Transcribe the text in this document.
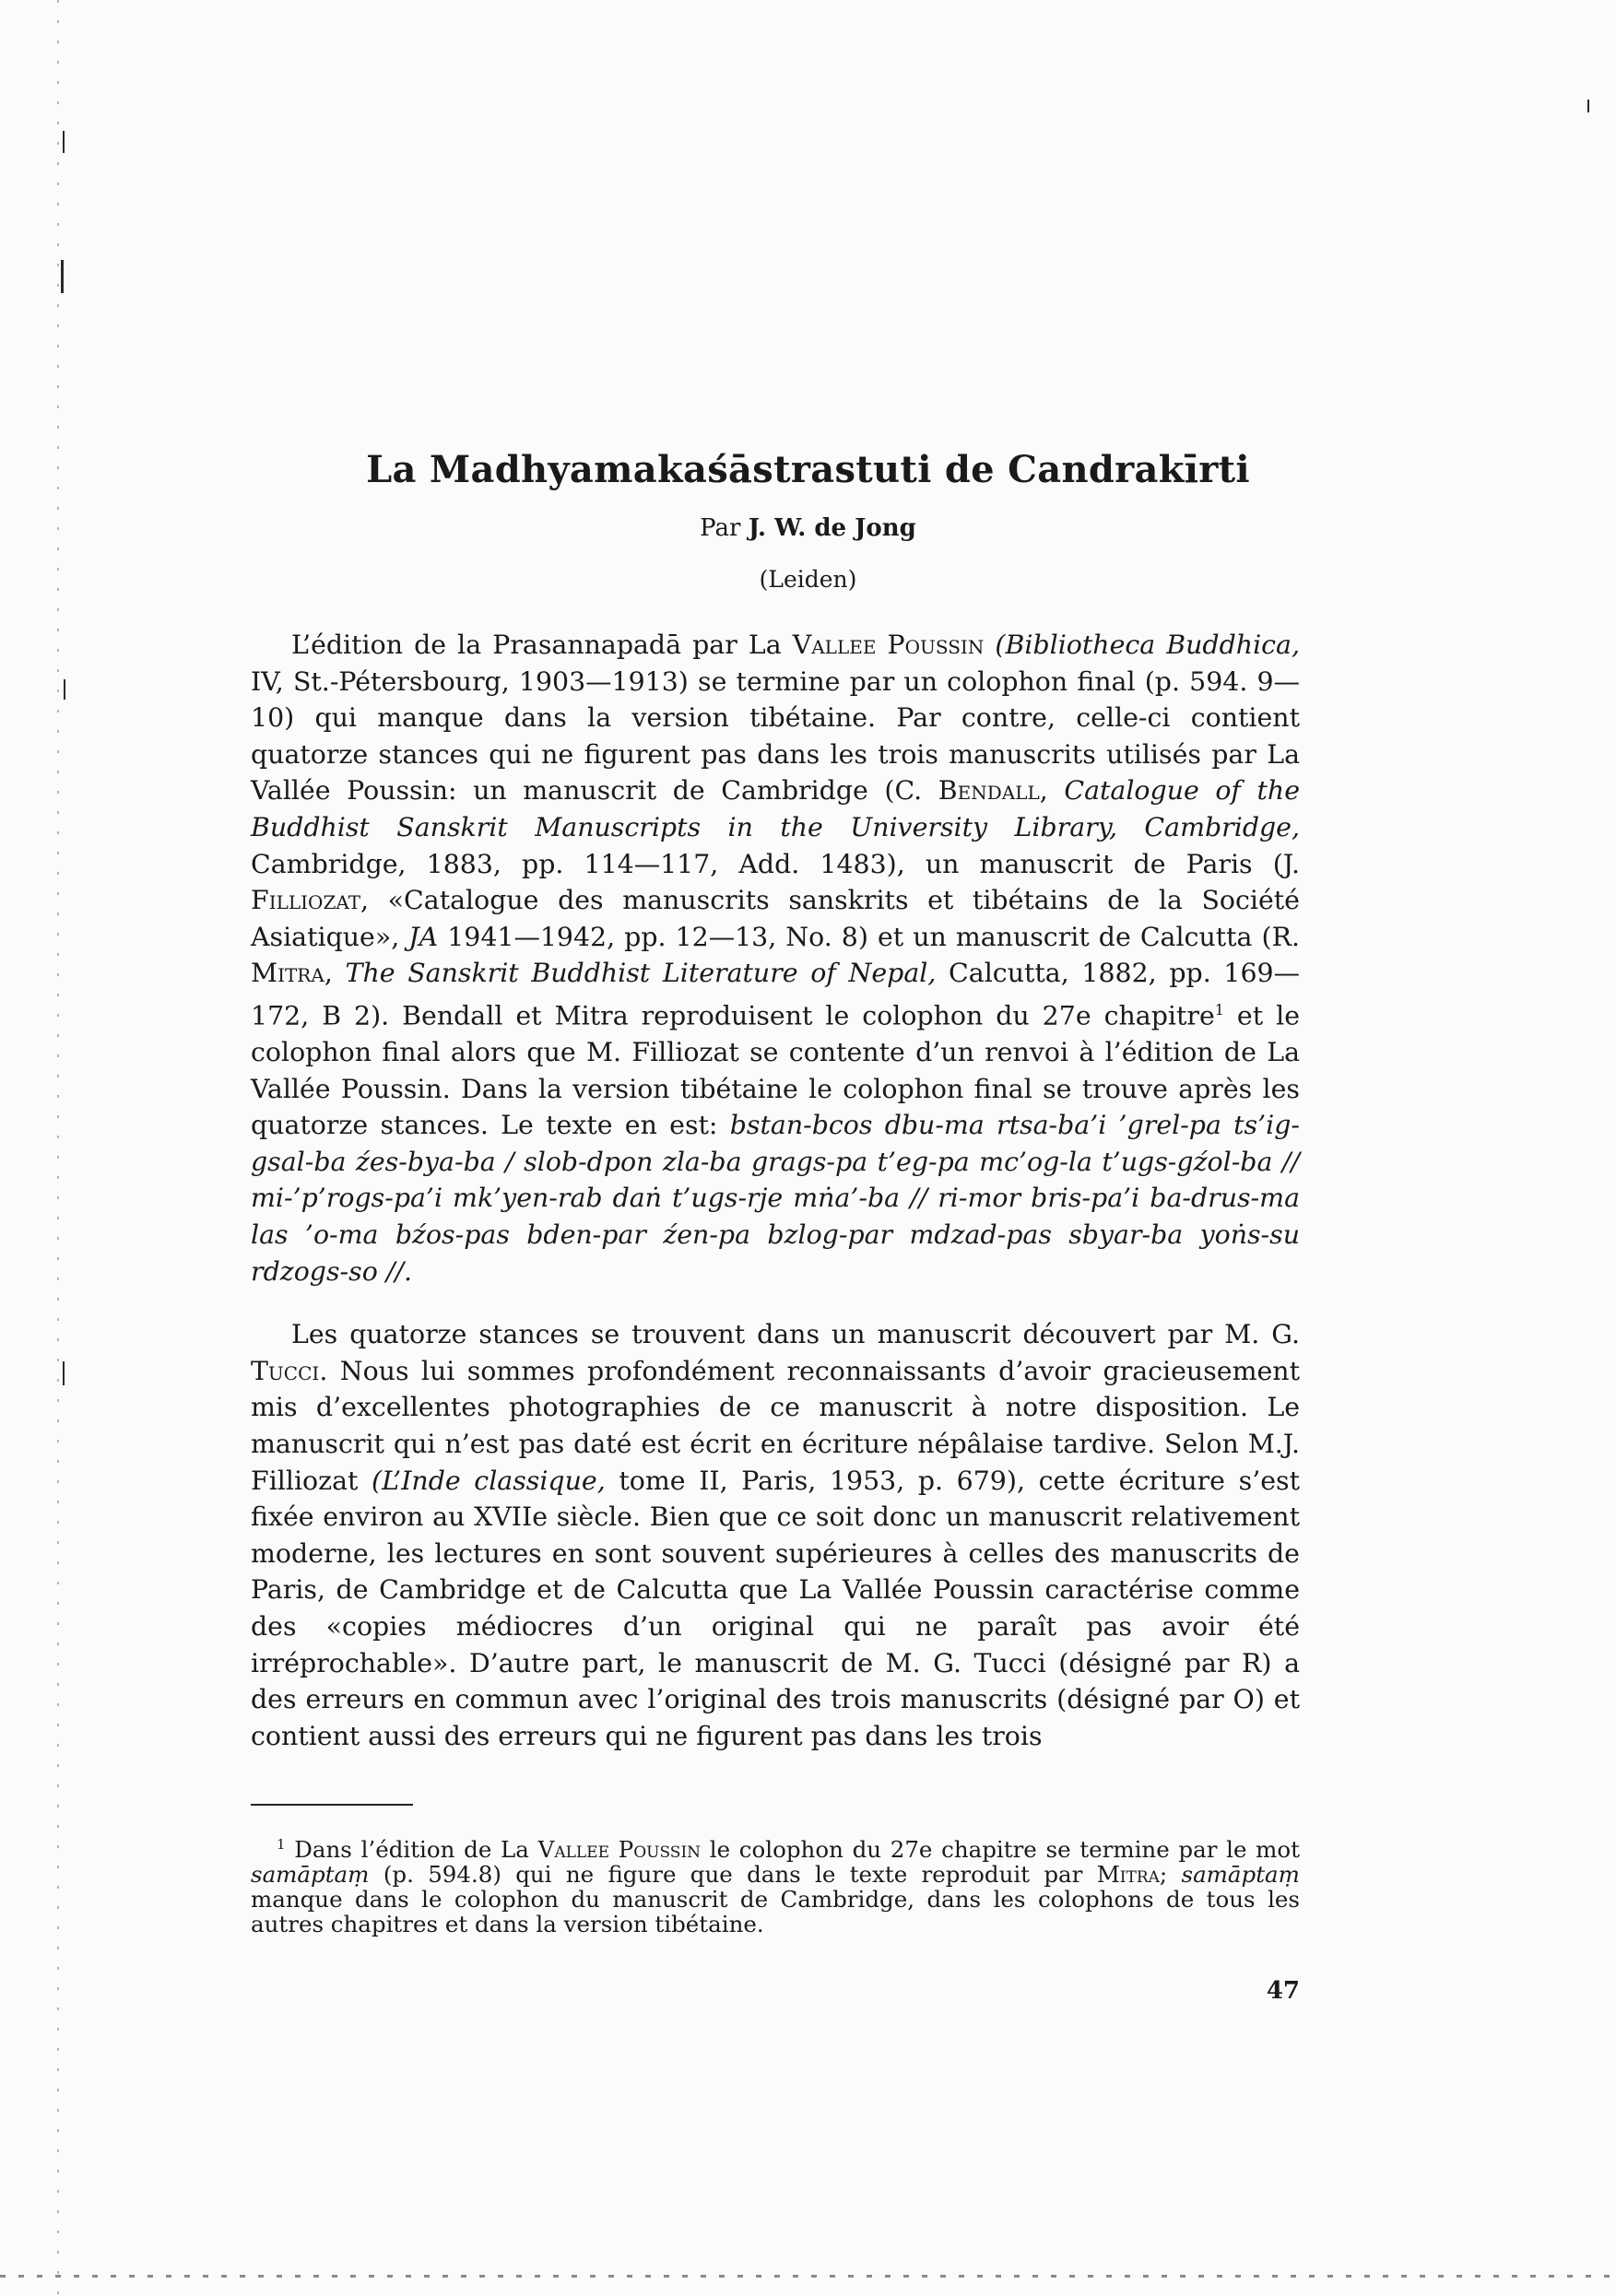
La Madhyamakaśāstrastuti de Candrakīrti

Par J. W. de Jong

(Leiden)

L’édition de la Prasannapadā par La Vallee Poussin (Bibliotheca Buddhica, IV, St.-Pétersbourg, 1903—1913) se termine par un colophon final (p. 594. 9—10) qui manque dans la version tibétaine. Par contre, celle-ci contient quatorze stances qui ne figurent pas dans les trois manuscrits utilisés par La Vallée Poussin: un manuscrit de Cambridge (C. Bendall, Catalogue of the Buddhist Sanskrit Manuscripts in the University Library, Cambridge, Cambridge, 1883, pp. 114—117, Add. 1483), un manuscrit de Paris (J. Filliozat, «Catalogue des manuscrits sanskrits et tibétains de la Société Asiatique», JA 1941—1942, pp. 12—13, No. 8) et un manuscrit de Calcutta (R. Mitra, The Sanskrit Buddhist Literature of Nepal, Calcutta, 1882, pp. 169—172, B 2). Bendall et Mitra reproduisent le colophon du 27e chapitre$^1$ et le colophon final alors que M. Filliozat se contente d’un renvoi à l’édition de La Vallée Poussin. Dans la version tibétaine le colophon final se trouve après les quatorze stances. Le texte en est: bstan-bcos dbu-ma rtsa-ba’i ’grel-pa ts’ig-gsal-ba źes-bya-ba / slob-dpon zla-ba grags-pa t’eg-pa mc’og-la t’ugs-gźol-ba // mi-’p’rogs-pa’i mk’yen-rab daṅ t’ugs-rje mṅa’-ba // ri-mor bris-pa’i ba-drus-ma las ’o-ma bźos-pas bden-par źen-pa bzlog-par mdzad-pas sbyar-ba yoṅs-su rdzogs-so //.

Les quatorze stances se trouvent dans un manuscrit découvert par M. G. Tucci. Nous lui sommes profondément reconnaissants d’avoir gracieusement mis d’excellentes photographies de ce manuscrit à notre disposition. Le manuscrit qui n’est pas daté est écrit en écriture népâlaise tardive. Selon M.J. Filliozat (L’Inde classique, tome II, Paris, 1953, p. 679), cette écriture s’est fixée environ au XVIIe siècle. Bien que ce soit donc un manuscrit relativement moderne, les lectures en sont souvent supérieures à celles des manuscrits de Paris, de Cambridge et de Calcutta que La Vallée Poussin caractérise comme des «copies médiocres d’un original qui ne paraît pas avoir été irréprochable». D’autre part, le manuscrit de M. G. Tucci (désigné par R) a des erreurs en commun avec l’original des trois manuscrits (désigné par O) et contient aussi des erreurs qui ne figurent pas dans les trois

$^1$ Dans l’édition de La Vallee Poussin le colophon du 27e chapitre se termine par le mot samāptaṃ (p. 594.8) qui ne figure que dans le texte reproduit par Mitra; samāptaṃ manque dans le colophon du manuscrit de Cambridge, dans les colophons de tous les autres chapitres et dans la version tibétaine.

47
